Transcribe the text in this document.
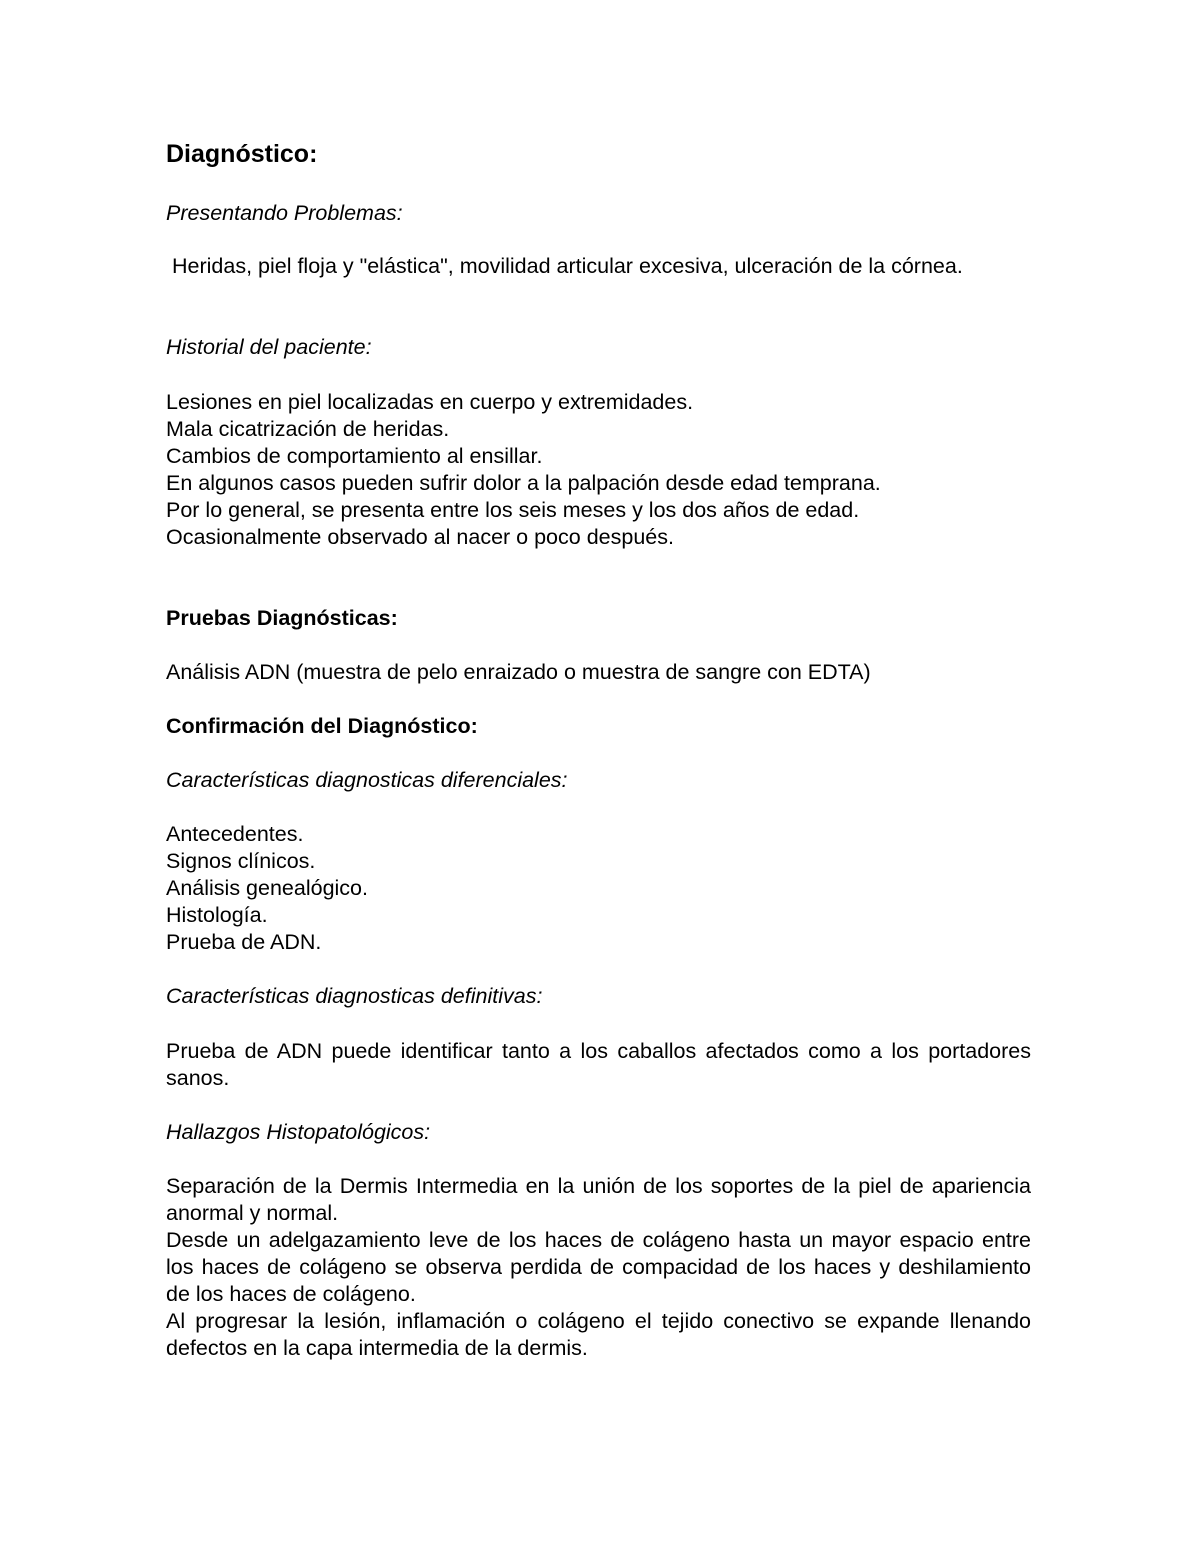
Diagnóstico:
Presentando Problemas:
Heridas, piel floja y "elástica", movilidad articular excesiva, ulceración de la córnea.
Historial del paciente:
Lesiones en piel localizadas en cuerpo y extremidades.
Mala cicatrización de heridas.
Cambios de comportamiento al ensillar.
En algunos casos pueden sufrir dolor a la palpación desde edad temprana.
Por lo general, se presenta entre los seis meses y los dos años de edad.
Ocasionalmente observado al nacer o poco después.
Pruebas Diagnósticas:
Análisis ADN (muestra de pelo enraizado o muestra de sangre con EDTA)
Confirmación del Diagnóstico:
Características diagnosticas diferenciales:
Antecedentes.
Signos clínicos.
Análisis genealógico.
Histología.
Prueba de ADN.
Características diagnosticas definitivas:
Prueba de ADN puede identificar tanto a los caballos afectados como a los portadores sanos.
Hallazgos Histopatológicos:
Separación de la Dermis Intermedia en la unión de los soportes de la piel de apariencia anormal y normal.
Desde un adelgazamiento leve de los haces de colágeno hasta un mayor espacio entre los haces de colágeno se observa perdida de compacidad de los haces y deshilamiento de los haces de colágeno.
Al progresar la lesión, inflamación o colágeno el tejido conectivo se expande llenando defectos en la capa intermedia de la dermis.
